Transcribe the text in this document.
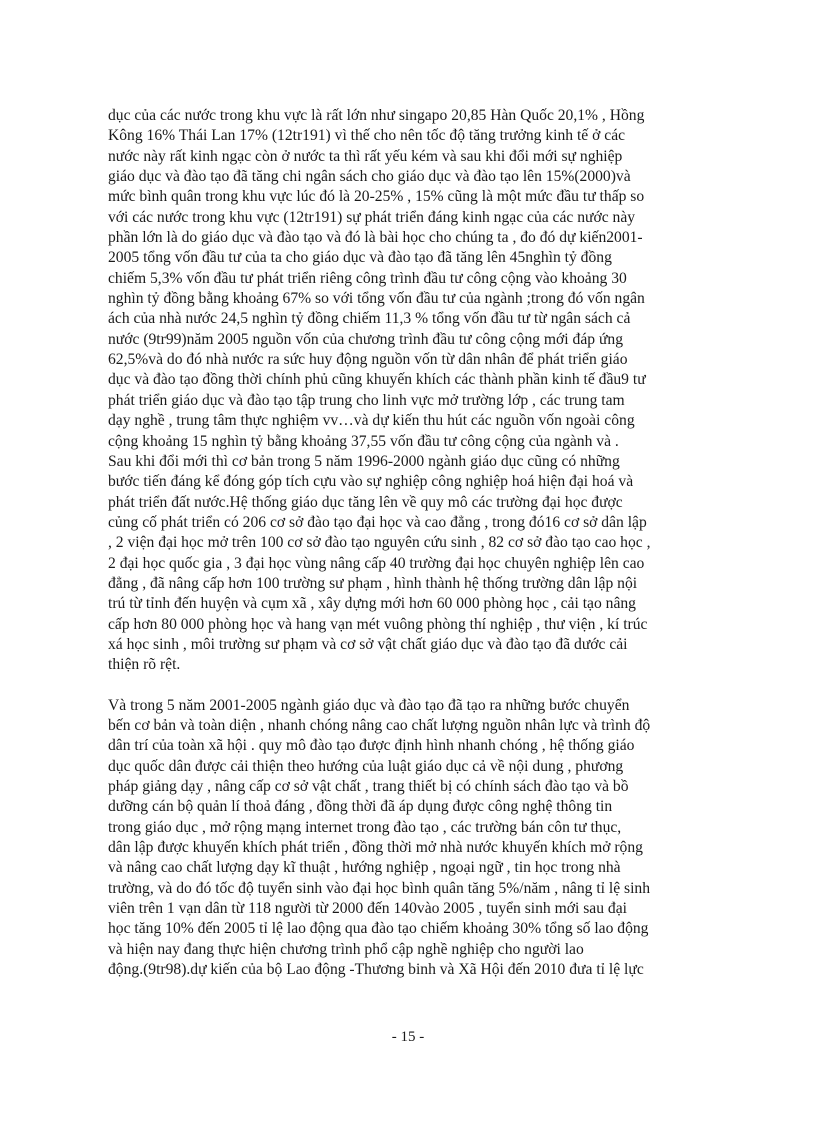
dục của các nước trong khu vực là rất lớn như singapo 20,85 Hàn Quốc 20,1% , Hồng
Kông 16% Thái Lan 17% (12tr191) vì thế cho nên tốc độ tăng trưởng kinh tế ở các
nước này rất kinh ngạc còn ở nước ta thì rất yếu kém và sau khi đổi mới sự nghiệp
giáo dục và đào tạo đã tăng chi ngân sách cho giáo dục và đào tạo lên 15%(2000)và
mức bình quân trong khu vực lúc đó là 20-25% , 15% cũng là một mức đầu tư thấp so
với các nước trong khu vực (12tr191) sự phát triển đáng kinh ngạc của các nước này
phần lớn là do giáo dục và đào tạo và đó là bài học cho chúng ta , đo đó dự kiến2001-
2005 tổng vốn đầu tư của ta cho giáo dục và đào tạo đã tăng lên 45nghìn tỷ đồng
chiếm 5,3% vốn đầu tư phát triển riêng công trình đầu tư công cộng vào khoảng 30
nghìn tỷ đồng bằng khoảng 67% so với tổng vốn đầu tư của ngành ;trong đó vốn ngân
ách của nhà nước 24,5 nghìn tỷ đồng chiếm 11,3 % tổng vốn đầu tư từ ngân sách cả
nước (9tr99)năm 2005 nguồn vốn của chương trình đầu tư công cộng mới đáp ứng
62,5%và do đó nhà nước ra sức huy động nguồn vốn từ dân nhân để phát triển giáo
dục và đào tạo đồng thời chính phủ cũng khuyến khích các thành phần kinh tế đầu9 tư
phát triển giáo dục và đào tạo tập trung cho linh vực mở trường lớp , các trung tam
dạy nghề , trung tâm thực nghiệm vv…và dự kiến thu hút các nguồn vốn ngoài công
cộng khoảng 15 nghìn tỷ bằng khoảng 37,55 vốn đầu tư công cộng của ngành và .

Sau khi đổi mới thì cơ bản trong 5 năm 1996-2000 ngành giáo dục cũng có những
bước tiến đáng kể đóng góp tích cựu vào sự nghiệp công nghiệp hoá hiện đại hoá và
phát triển đất nước.Hệ thống giáo dục tăng lên về quy mô các trường đại học được
củng cố phát triển có 206 cơ sở đào tạo đại học và cao đẳng , trong đó16 cơ sở dân lập
, 2 viện đại học mở trên 100 cơ sở đào tạo nguyên cứu sinh , 82 cơ sở đào tạo cao học ,
2 đại học quốc gia , 3 đại học vùng nâng cấp 40 trường đại học chuyên nghiệp lên cao
đẳng , đã nâng cấp hơn 100 trường sư phạm , hình thành hệ thống trường dân lập nội
trú từ tỉnh đến huyện và cụm xã , xây dựng mới hơn 60 000 phòng học , cải tạo nâng
cấp hơn 80 000 phòng học và hang vạn mét vuông phòng thí nghiệp , thư viện , kí trúc
xá học sinh , môi trường sư phạm và cơ sở vật chất giáo dục và đào tạo đã dước cải
thiện rõ rệt.

Và trong 5 năm 2001-2005 ngành giáo dục và đào tạo đã tạo ra những bước chuyển
bến cơ bản và toàn diện , nhanh chóng nâng cao chất lượng nguồn nhân lực và trình độ
dân trí của toàn xã hội . quy mô đào tạo được định hình nhanh chóng , hệ thống giáo
dục quốc dân được cải thiện theo hướng của luật giáo dục cả về nội dung , phương
pháp giảng dạy , nâng cấp cơ sở vật chất , trang thiết bị có chính sách đào tạo và bồ
dưỡng cán bộ quản lí thoả đáng , đồng thời đã áp dụng được công nghệ thông tin
trong giáo dục , mở rộng mạng internet trong đào tạo , các trường bán côn tư thục,
dân lập được khuyến khích phát triển , đồng thời mở nhà nước khuyến khích mở rộng
và nâng cao chất lượng dạy kĩ thuật , hướng nghiệp , ngoại ngữ , tin học trong nhà
trường, và do đó tốc độ tuyển sinh vào đại học bình quân tăng 5%/năm , nâng tỉ lệ sinh
viên trên 1 vạn dân từ 118 người từ 2000 đến 140vào 2005 , tuyển sinh mới sau đại
học tăng 10% đến 2005 tỉ lệ lao động qua đào tạo chiếm khoảng 30% tổng số lao động
và hiện nay đang thực hiện chương trình phổ cập nghề nghiệp cho người lao
động.(9tr98).dự kiến của bộ Lao động -Thương binh và Xã Hội đến 2010 đưa tỉ lệ lực

- 15 -
